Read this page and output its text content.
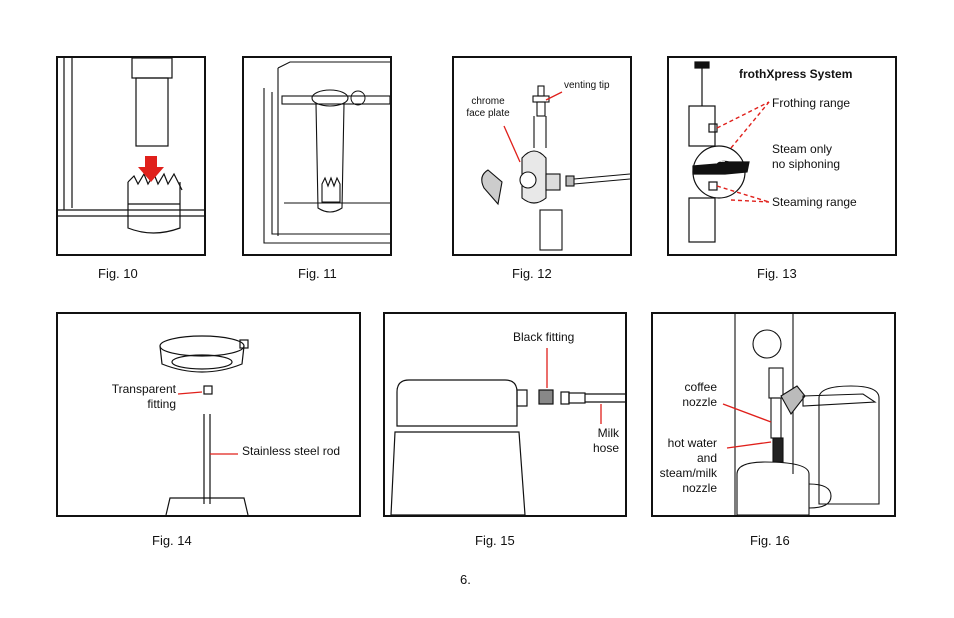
Fig. 10	Fig. 11
venting tip
chrome
face plate
Fig. 12
frothXpress System
DIAL
Frothing range
Steam only
no siphoning
Steaming range
Fig. 13
Transparent
fitting
Stainless steel rod
Fig. 14
Black fitting
Milk
hose
Fig. 15
coffee
nozzle
hot water
and
steam/milk
nozzle
Fig. 16
6.
